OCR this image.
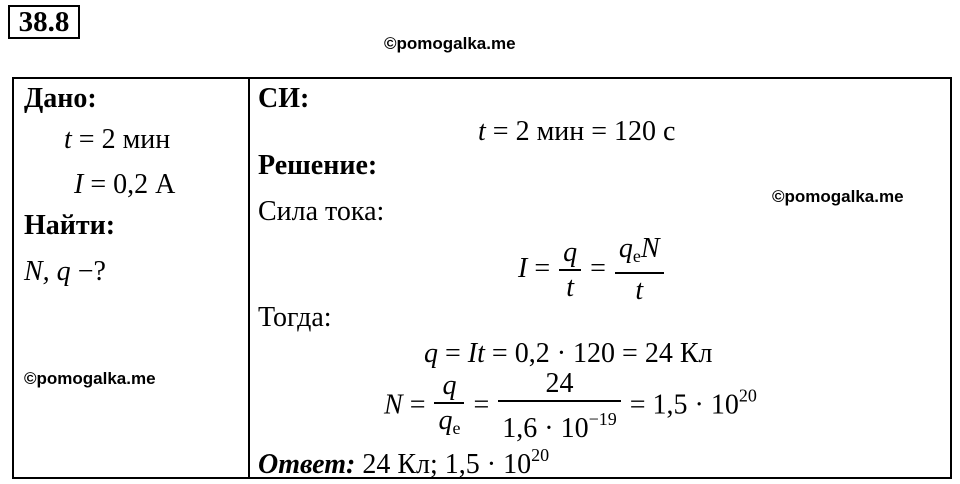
38.8
©pomogalka.me
Дано:
t = 2 мин
I = 0,2 А
Найти:
N, q −?
©pomogalka.me
СИ:
t = 2 мин = 120 с
Решение:
©pomogalka.me
Сила тока:
$I = \frac{q}{t} = \frac{q_eN}{t}$
Тогда:
q = It = 0,2 · 120 = 24 Кл
$N = \frac{q}{q_e} = \frac{24}{1,6 \cdot 10^{-19}} = 1,5 \cdot 10^{20}$
Ответ: 24 Кл; $1,5 \cdot 10^{20}$
